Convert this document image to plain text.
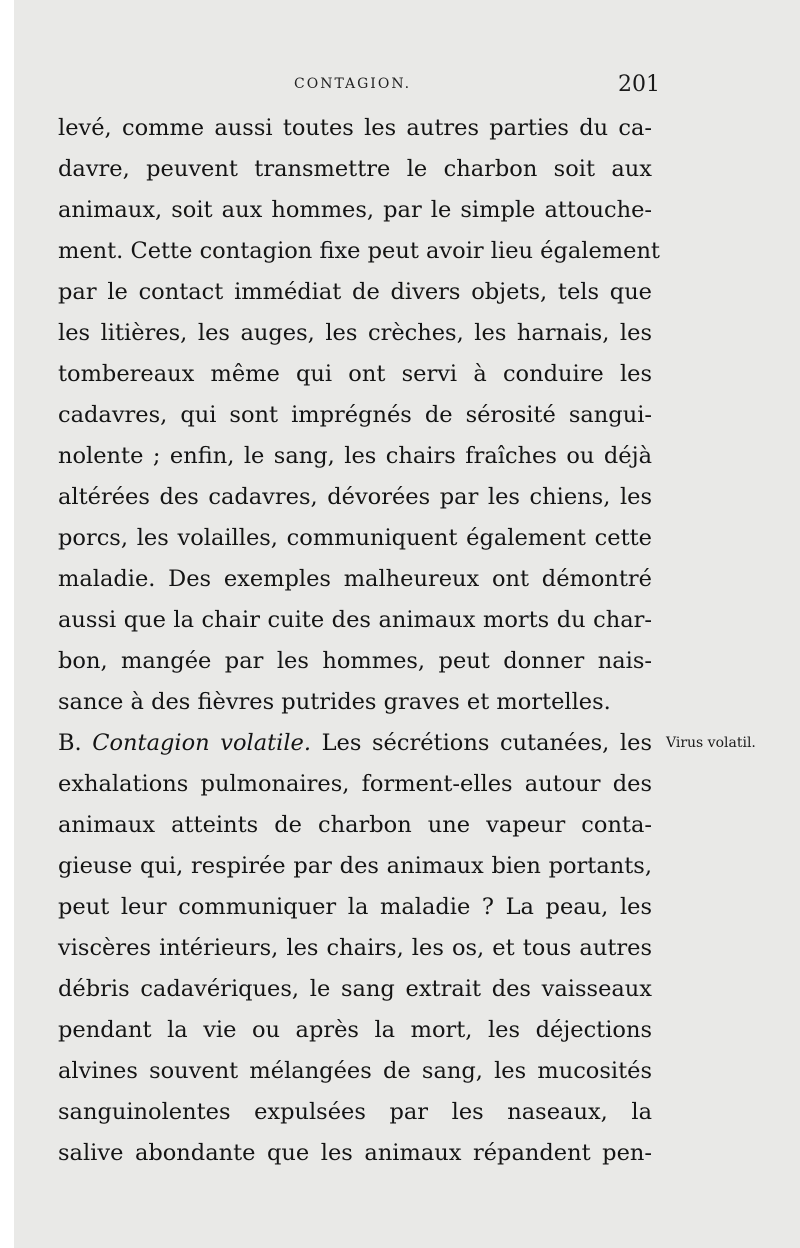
CONTAGION.	201
levé, comme aussi toutes les autres parties du ca-
davre, peuvent transmettre le charbon soit aux
animaux, soit aux hommes, par le simple attouche-
ment. Cette contagion fixe peut avoir lieu également
par le contact immédiat de divers objets, tels que
les litières, les auges, les crèches, les harnais, les
tombereaux même qui ont servi à conduire les
cadavres, qui sont imprégnés de sérosité sangui-
nolente ; enfin, le sang, les chairs fraîches ou déjà
altérées des cadavres, dévorées par les chiens, les
porcs, les volailles, communiquent également cette
maladie. Des exemples malheureux ont démontré
aussi que la chair cuite des animaux morts du char-
bon, mangée par les hommes, peut donner nais-
sance à des fièvres putrides graves et mortelles.
B. Contagion volatile. Les sécrétions cutanées, les
exhalations pulmonaires, forment-elles autour des
animaux atteints de charbon une vapeur conta-
gieuse qui, respirée par des animaux bien portants,
peut leur communiquer la maladie ? La peau, les
viscères intérieurs, les chairs, les os, et tous autres
débris cadavériques, le sang extrait des vaisseaux
pendant la vie ou après la mort, les déjections
alvines souvent mélangées de sang, les mucosités
sanguinolentes expulsées par les naseaux, la
salive abondante que les animaux répandent pen-
Virus volatil.
